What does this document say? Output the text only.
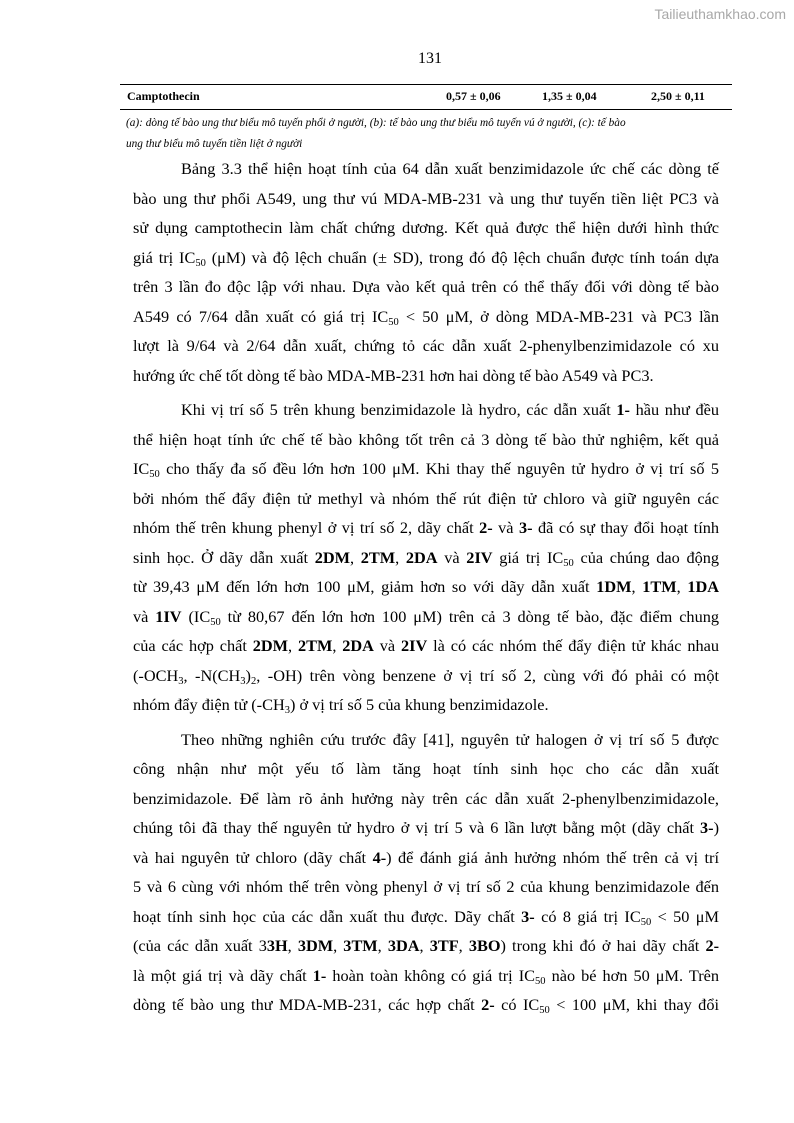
Tailieuthamkhao.com
131
Camptothecin	0,57 ± 0,06	1,35 ± 0,04	2,50 ± 0,11
(a): dòng tế bào ung thư biểu mô tuyến phổi ở người, (b): tế bào ung thư biểu mô tuyến vú ở người, (c): tế bào
ung thư biểu mô tuyến tiền liệt ở người
Bảng 3.3 thể hiện hoạt tính của 64 dẫn xuất benzimidazole ức chế các dòng tế
bào ung thư phổi A549, ung thư vú MDA-MB-231 và ung thư tuyến tiền liệt PC3 và
sử dụng camptothecin làm chất chứng dương. Kết quả được thể hiện dưới hình thức
giá trị $IC_{50}$ (μM) và độ lệch chuẩn (± SD), trong đó độ lệch chuẩn được tính toán dựa
trên 3 lần đo độc lập với nhau. Dựa vào kết quả trên có thể thấy đối với dòng tế bào
A549 có 7/64 dẫn xuất có giá trị $IC_{50} < 50$ μM, ở dòng MDA-MB-231 và PC3 lần
lượt là 9/64 và 2/64 dẫn xuất, chứng tỏ các dẫn xuất 2-phenylbenzimidazole có xu
hướng ức chế tốt dòng tế bào MDA-MB-231 hơn hai dòng tế bào A549 và PC3.
Khi vị trí số 5 trên khung benzimidazole là hydro, các dẫn xuất 1- hầu như đều
thể hiện hoạt tính ức chế tế bào không tốt trên cả 3 dòng tế bào thử nghiệm, kết quả
$IC_{50}$ cho thấy đa số đều lớn hơn 100 μM. Khi thay thế nguyên tử hydro ở vị trí số 5
bởi nhóm thế đẩy điện tử methyl và nhóm thế rút điện tử chloro và giữ nguyên các
nhóm thế trên khung phenyl ở vị trí số 2, dãy chất 2- và 3- đã có sự thay đổi hoạt tính
sinh học. Ở dãy dẫn xuất 2DM, 2TM, 2DA và 2IV giá trị $IC_{50}$ của chúng dao động
từ 39,43 μM đến lớn hơn 100 μM, giảm hơn so với dãy dẫn xuất 1DM, 1TM, 1DA
và 1IV ($IC_{50}$ từ 80,67 đến lớn hơn 100 μM) trên cả 3 dòng tế bào, đặc điểm chung
của các hợp chất 2DM, 2TM, 2DA và 2IV là có các nhóm thế đẩy điện tử khác nhau
($-OCH_3$, $-N(CH_3)_2$, -OH) trên vòng benzene ở vị trí số 2, cùng với đó phải có một
nhóm đẩy điện tử $(-CH_3)$ ở vị trí số 5 của khung benzimidazole.
Theo những nghiên cứu trước đây [41], nguyên tử halogen ở vị trí số 5 được
công nhận như một yếu tố làm tăng hoạt tính sinh học cho các dẫn xuất
benzimidazole. Để làm rõ ảnh hưởng này trên các dẫn xuất 2-phenylbenzimidazole,
chúng tôi đã thay thế nguyên tử hydro ở vị trí 5 và 6 lần lượt bằng một (dãy chất 3-)
và hai nguyên tử chloro (dãy chất 4-) để đánh giá ảnh hưởng nhóm thế trên cả vị trí
5 và 6 cùng với nhóm thế trên vòng phenyl ở vị trí số 2 của khung benzimidazole đến
hoạt tính sinh học của các dẫn xuất thu được. Dãy chất 3- có 8 giá trị $IC_{50} < 50$ μM
(của các dẫn xuất 33H, 3DM, 3TM, 3DA, 3TF, 3BO) trong khi đó ở hai dãy chất 2-
là một giá trị và dãy chất 1- hoàn toàn không có giá trị $IC_{50}$ nào bé hơn 50 μM. Trên
dòng tế bào ung thư MDA-MB-231, các hợp chất 2- có $IC_{50} < 100$ μM, khi thay đổi
